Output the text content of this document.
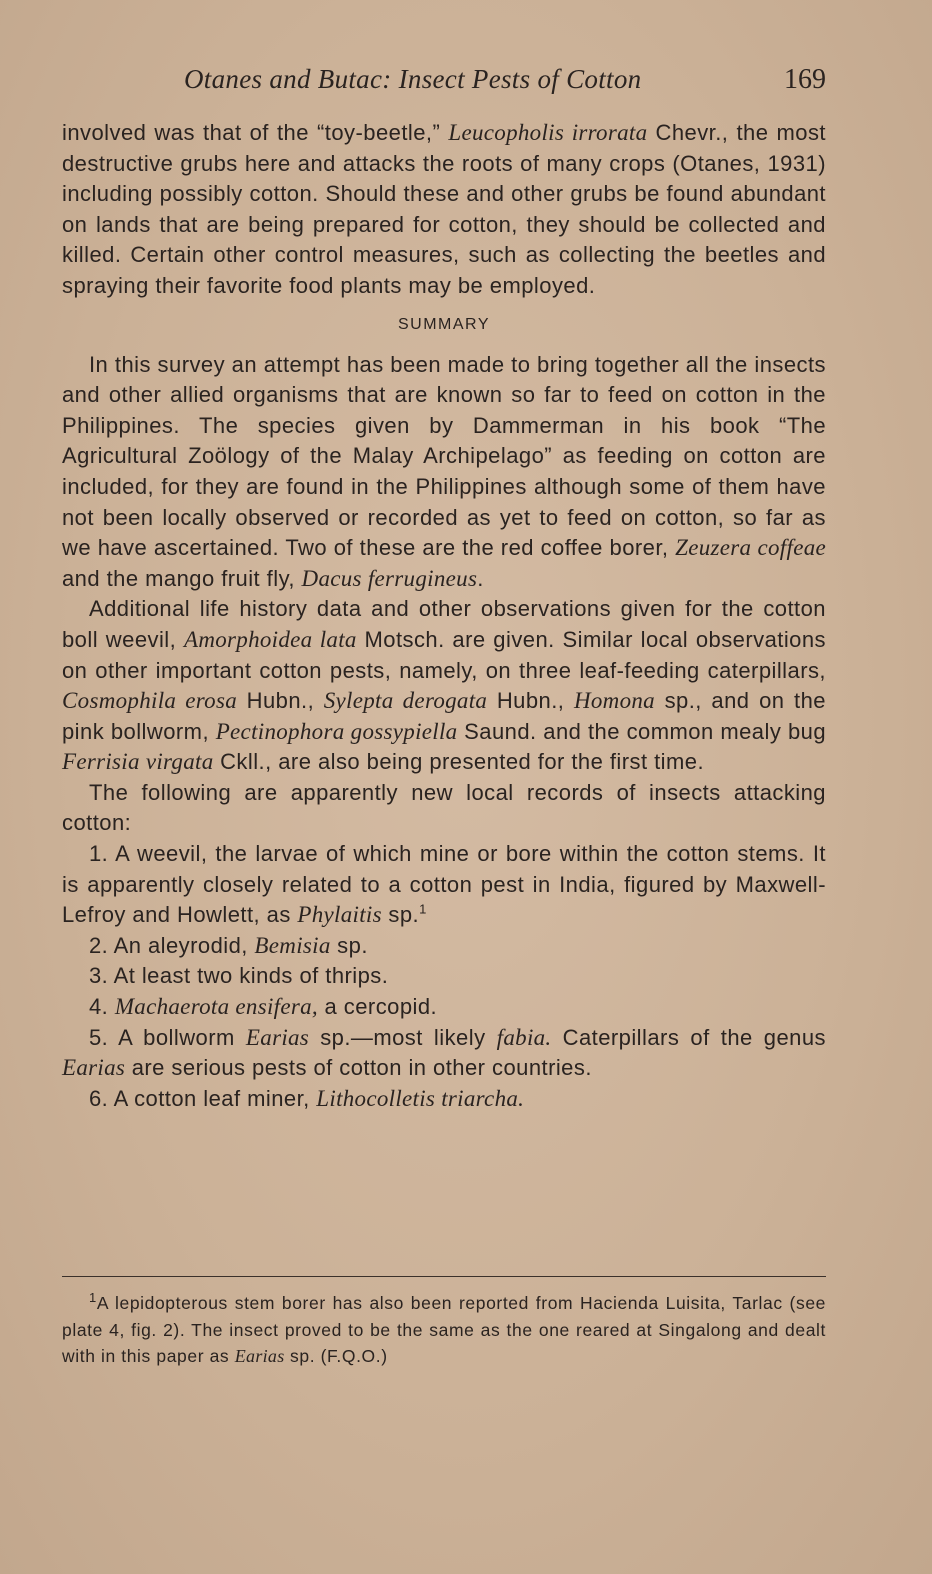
Otanes and Butac: Insect Pests of Cotton	169

involved was that of the “toy-beetle,” Leucopholis irrorata Chevr., the most destructive grubs here and attacks the roots of many crops (Otanes, 1931) including possibly cotton. Should these and other grubs be found abundant on lands that are being prepared for cotton, they should be collected and killed. Certain other control measures, such as collecting the beetles and spraying their favorite food plants may be employed.

SUMMARY

In this survey an attempt has been made to bring together all the insects and other allied organisms that are known so far to feed on cotton in the Philippines. The species given by Dammerman in his book “The Agricultural Zoölogy of the Malay Archipelago” as feeding on cotton are included, for they are found in the Philippines although some of them have not been locally observed or recorded as yet to feed on cotton, so far as we have ascertained. Two of these are the red coffee borer, Zeuzera coffeae and the mango fruit fly, Dacus ferrugineus.

Additional life history data and other observations given for the cotton boll weevil, Amorphoidea lata Motsch. are given. Similar local observations on other important cotton pests, namely, on three leaf-feeding caterpillars, Cosmophila erosa Hubn., Sylepta derogata Hubn., Homona sp., and on the pink bollworm, Pectinophora gossypiella Saund. and the common mealy bug Ferrisia virgata Ckll., are also being presented for the first time.

The following are apparently new local records of insects attacking cotton:

1. A weevil, the larvae of which mine or bore within the cotton stems. It is apparently closely related to a cotton pest in India, figured by Maxwell-Lefroy and Howlett, as Phylaitis sp.$^1$

2. An aleyrodid, Bemisia sp.

3. At least two kinds of thrips.

4. Machaerota ensifera, a cercopid.

5. A bollworm Earias sp.—most likely fabia. Caterpillars of the genus Earias are serious pests of cotton in other countries.

6. A cotton leaf miner, Lithocolletis triarcha.

$^1$A lepidopterous stem borer has also been reported from Hacienda Luisita, Tarlac (see plate 4, fig. 2). The insect proved to be the same as the one reared at Singalong and dealt with in this paper as Earias sp. (F.Q.O.)
